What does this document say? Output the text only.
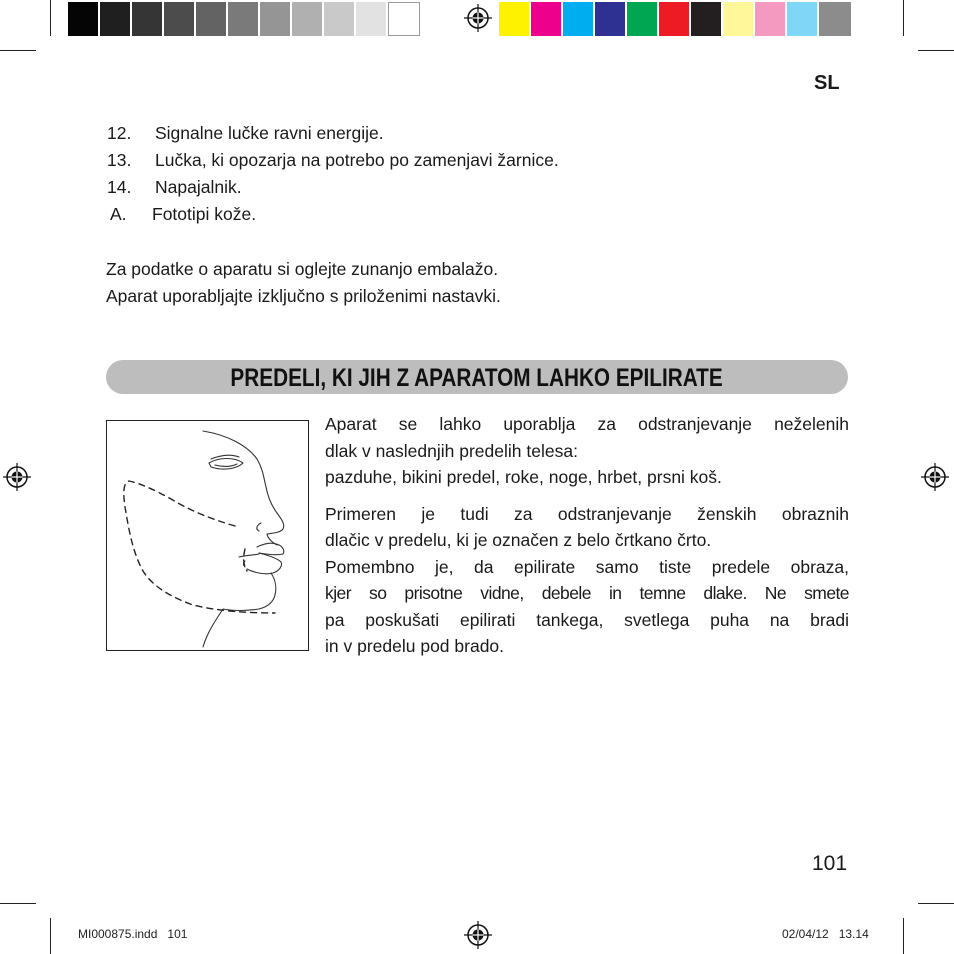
SL
12. Signalne lučke ravni energije.
13. Lučka, ki opozarja na potrebo po zamenjavi žarnice.
14. Napajalnik.
A. Fototipi kože.
Za podatke o aparatu si oglejte zunanjo embalažo.
Aparat uporabljajte izključno s priloženimi nastavki.
PREDELI, KI JIH Z APARATOM LAHKO EPILIRATE

Aparat se lahko uporablja za odstranjevanje neželenih

dlak v naslednjih predelih telesa:

pazduhe, bikini predel, roke, noge, hrbet, prsni koš.

Primeren je tudi za odstranjevanje ženskih obraznih

dlačic v predelu, ki je označen z belo črtkano črto.

Pomembno je, da epilirate samo tiste predele obraza,

kjer so prisotne vidne, debele in temne dlake. Ne smete

pa poskušati epilirati tankega, svetlega puha na bradi

in v predelu pod brado.

101
MI000875.indd   101	02/04/12   13.14
